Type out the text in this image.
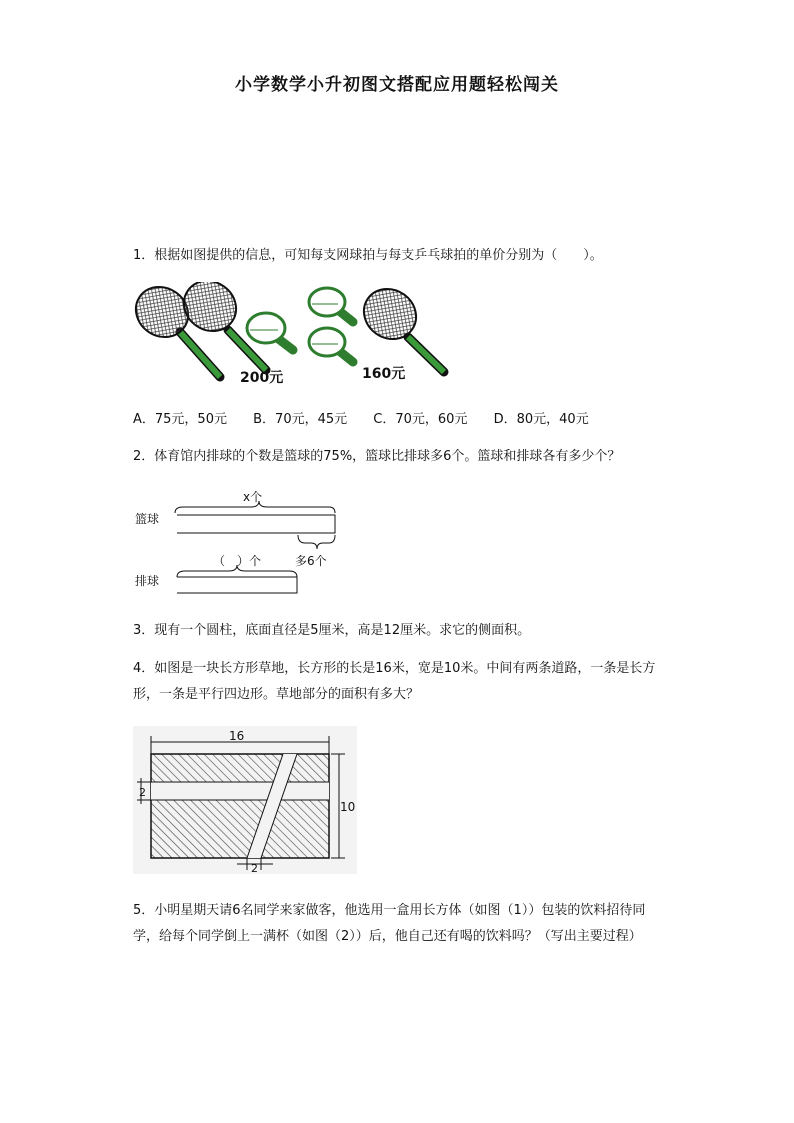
小学数学小升初图文搭配应用题轻松闯关
1．根据如图提供的信息，可知每支网球拍与每支乒乓球拍的单价分别为（　　）。
200元	160元
A．75元，50元 B．70元，45元 C．70元，60元 D．80元，40元
2．体育馆内排球的个数是篮球的75%，篮球比排球多6个。篮球和排球各有多少个？
x个
篮球
多6个
（　）个
排球
3．现有一个圆柱，底面直径是5厘米，高是12厘米。求它的侧面积。
4．如图是一块长方形草地，长方形的长是16米，宽是10米。中间有两条道路，一条是长方形，一条是平行四边形。草地部分的面积有多大？
16
2
10
2
5．小明星期天请6名同学来家做客，他选用一盒用长方体（如图（1））包装的饮料招待同学，给每个同学倒上一满杯（如图（2））后，他自己还有喝的饮料吗？（写出主要过程）
